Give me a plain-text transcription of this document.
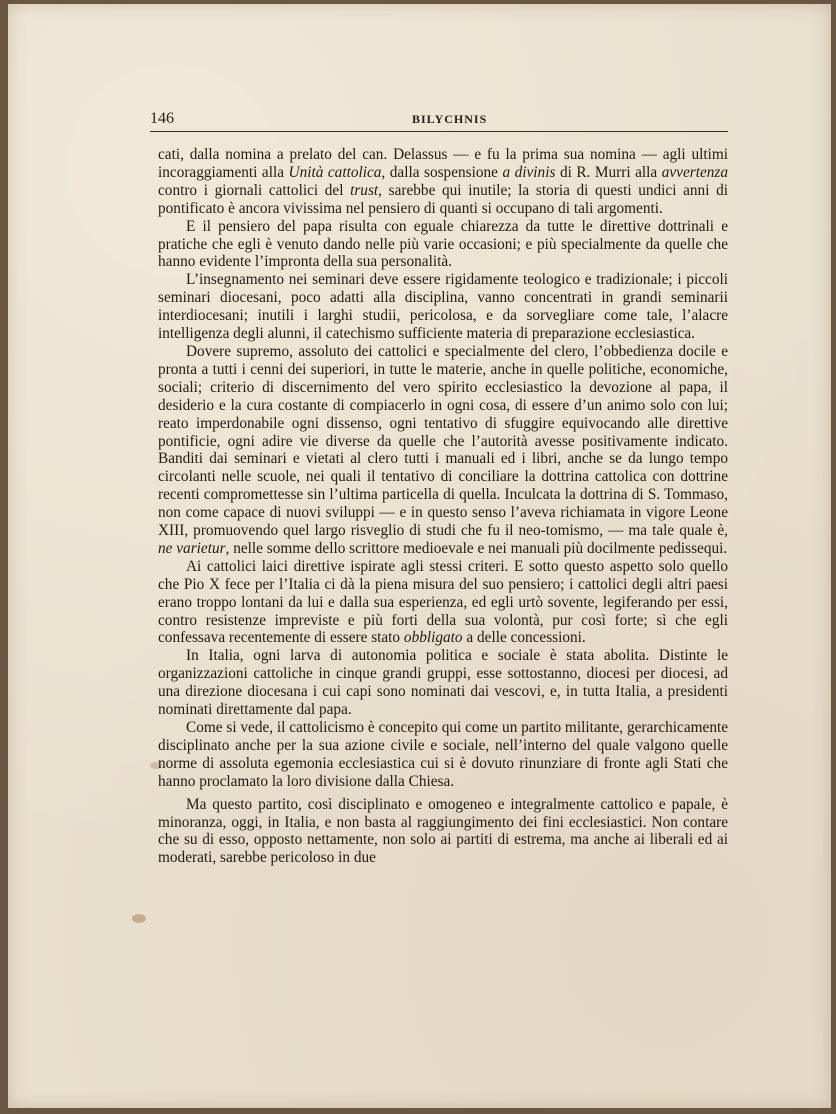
146	BILYCHNIS

cati, dalla nomina a prelato del can. Delassus — e fu la prima sua nomina — agli ultimi incoraggiamenti alla Unità cattolica, dalla sospensione a divinis di R. Murri alla avvertenza contro i giornali cattolici del trust, sarebbe qui inutile; la storia di questi undici anni di pontificato è ancora vivissima nel pensiero di quanti si occupano di tali argomenti.

E il pensiero del papa risulta con eguale chiarezza da tutte le direttive dottrinali e pratiche che egli è venuto dando nelle più varie occasioni; e più specialmente da quelle che hanno evidente l’impronta della sua personalità.

L’insegnamento nei seminari deve essere rigidamente teologico e tradizionale; i piccoli seminari diocesani, poco adatti alla disciplina, vanno concentrati in grandi seminarii interdiocesani; inutili i larghi studii, pericolosa, e da sorvegliare come tale, l’alacre intelligenza degli alunni, il catechismo sufficiente materia di preparazione ecclesiastica.

Dovere supremo, assoluto dei cattolici e specialmente del clero, l’obbedienza docile e pronta a tutti i cenni dei superiori, in tutte le materie, anche in quelle politiche, economiche, sociali; criterio di discernimento del vero spirito ecclesiastico la devozione al papa, il desiderio e la cura costante di compiacerlo in ogni cosa, di essere d’un animo solo con lui; reato imperdonabile ogni dissenso, ogni tentativo di sfuggire equivocando alle direttive pontificie, ogni adire vie diverse da quelle che l’autorità avesse positivamente indicato. Banditi dai seminari e vietati al clero tutti i manuali ed i libri, anche se da lungo tempo circolanti nelle scuole, nei quali il tentativo di conciliare la dottrina cattolica con dottrine recenti compromettesse sin l’ultima particella di quella. Inculcata la dottrina di S. Tommaso, non come capace di nuovi sviluppi — e in questo senso l’aveva richiamata in vigore Leone XIII, promuovendo quel largo risveglio di studi che fu il neo-tomismo, — ma tale quale è, ne varietur, nelle somme dello scrittore medioevale e nei manuali più docilmente pedissequi.

Ai cattolici laici direttive ispirate agli stessi criteri. E sotto questo aspetto solo quello che Pio X fece per l’Italia ci dà la piena misura del suo pensiero; i cattolici degli altri paesi erano troppo lontani da lui e dalla sua esperienza, ed egli urtò sovente, legiferando per essi, contro resistenze impreviste e più forti della sua volontà, pur così forte; sì che egli confessava recentemente di essere stato obbligato a delle concessioni.

In Italia, ogni larva di autonomia politica e sociale è stata abolita. Distinte le organizzazioni cattoliche in cinque grandi gruppi, esse sottostanno, diocesi per diocesi, ad una direzione diocesana i cui capi sono nominati dai vescovi, e, in tutta Italia, a presidenti nominati direttamente dal papa.

Come si vede, il cattolicismo è concepito qui come un partito militante, gerarchicamente disciplinato anche per la sua azione civile e sociale, nell’interno del quale valgono quelle norme di assoluta egemonia ecclesiastica cui si è dovuto rinunziare di fronte agli Stati che hanno proclamato la loro divisione dalla Chiesa.

Ma questo partito, così disciplinato e omogeneo e integralmente cattolico e papale, è minoranza, oggi, in Italia, e non basta al raggiungimento dei fini ecclesiastici. Non contare che su di esso, opposto nettamente, non solo ai partiti di estrema, ma anche ai liberali ed ai moderati, sarebbe pericoloso in due
